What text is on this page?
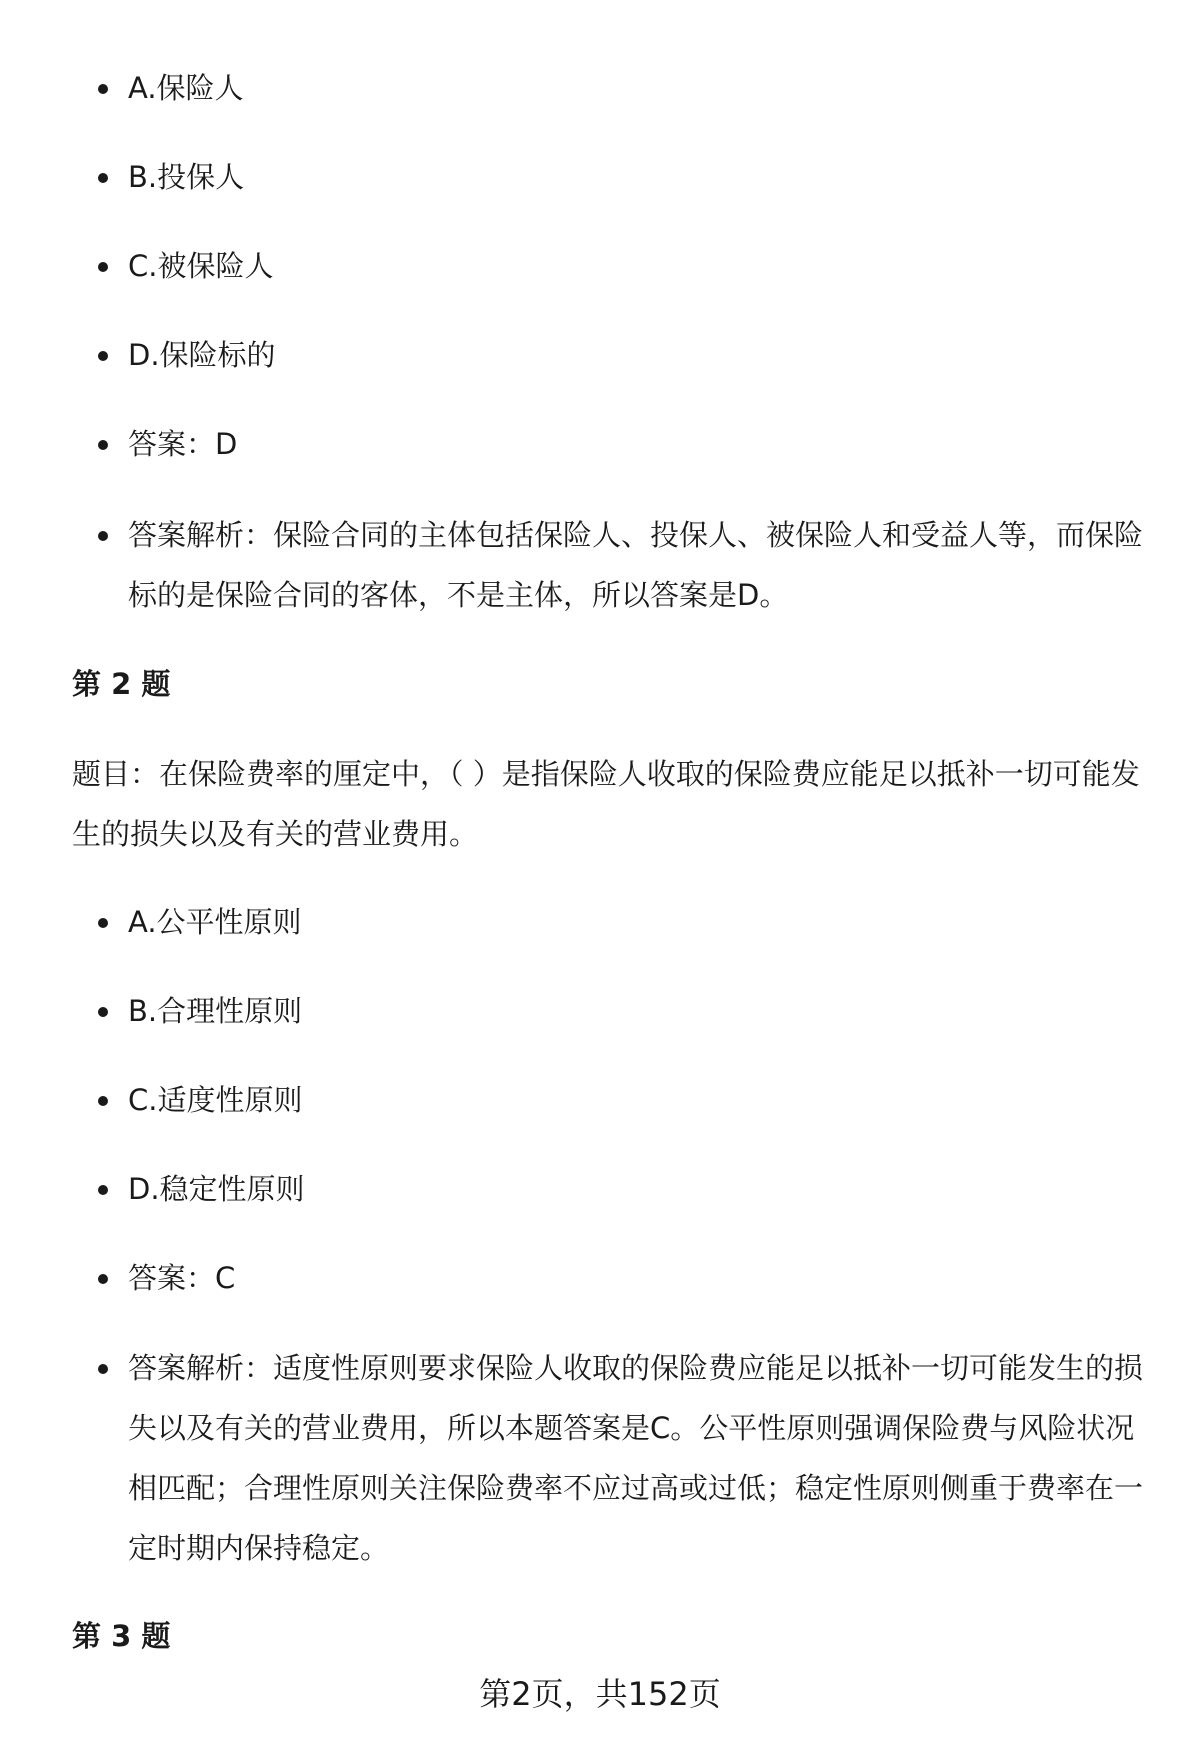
A.保险人
B.投保人
C.被保险人
D.保险标的
答案：D
答案解析：保险合同的主体包括保险人、投保人、被保险人和受益人等，而保险标的是保险合同的客体，不是主体，所以答案是D。
第 2 题

题目：在保险费率的厘定中，（ ）是指保险人收取的保险费应能足以抵补一切可能发生的损失以及有关的营业费用。

A.公平性原则
B.合理性原则
C.适度性原则
D.稳定性原则
答案：C
答案解析：适度性原则要求保险人收取的保险费应能足以抵补一切可能发生的损失以及有关的营业费用，所以本题答案是C。公平性原则强调保险费与风险状况相匹配；合理性原则关注保险费率不应过高或过低；稳定性原则侧重于费率在一定时期内保持稳定。
第 3 题
第2页，共152页
